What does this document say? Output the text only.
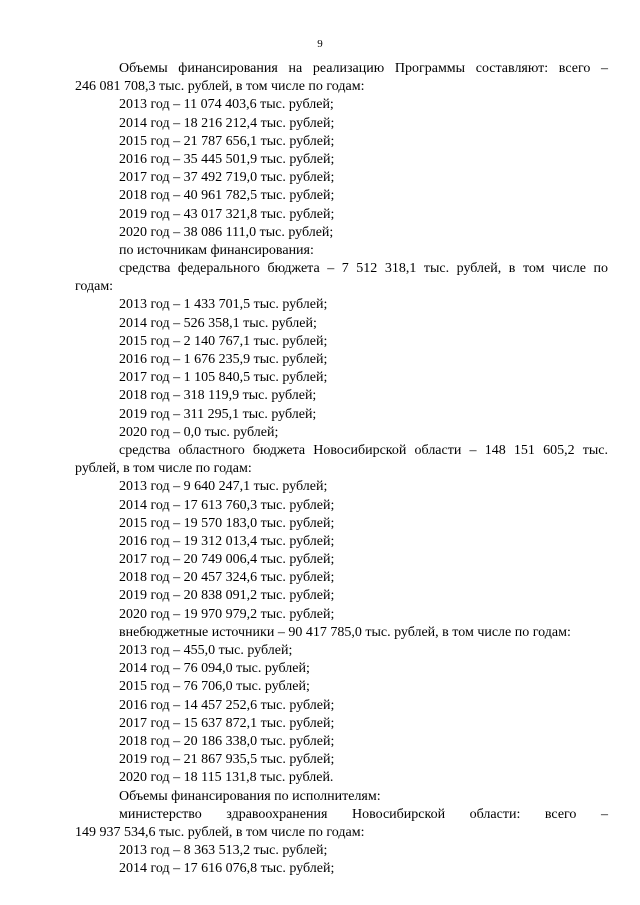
9
Объемы финансирования на реализацию Программы составляют: всего –
246 081 708,3 тыс. рублей, в том числе по годам:
2013 год – 11 074 403,6 тыс. рублей;
2014 год – 18 216 212,4 тыс. рублей;
2015 год – 21 787 656,1 тыс. рублей;
2016 год – 35 445 501,9 тыс. рублей;
2017 год – 37 492 719,0 тыс. рублей;
2018 год – 40 961 782,5 тыс. рублей;
2019 год – 43 017 321,8 тыс. рублей;
2020 год – 38 086 111,0 тыс. рублей;
по источникам финансирования:
средства федерального бюджета – 7 512 318,1 тыс. рублей, в том числе по
годам:
2013 год – 1 433 701,5 тыс. рублей;
2014 год – 526 358,1 тыс. рублей;
2015 год – 2 140 767,1 тыс. рублей;
2016 год – 1 676 235,9 тыс. рублей;
2017 год – 1 105 840,5 тыс. рублей;
2018 год – 318 119,9 тыс. рублей;
2019 год – 311 295,1 тыс. рублей;
2020 год – 0,0 тыс. рублей;
средства областного бюджета Новосибирской области – 148 151 605,2 тыс.
рублей, в том числе по годам:
2013 год – 9 640 247,1 тыс. рублей;
2014 год – 17 613 760,3 тыс. рублей;
2015 год – 19 570 183,0 тыс. рублей;
2016 год – 19 312 013,4 тыс. рублей;
2017 год – 20 749 006,4 тыс. рублей;
2018 год – 20 457 324,6 тыс. рублей;
2019 год – 20 838 091,2 тыс. рублей;
2020 год – 19 970 979,2 тыс. рублей;
внебюджетные источники – 90 417 785,0 тыс. рублей, в том числе по годам:
2013 год – 455,0 тыс. рублей;
2014 год – 76 094,0 тыс. рублей;
2015 год – 76 706,0 тыс. рублей;
2016 год – 14 457 252,6 тыс. рублей;
2017 год – 15 637 872,1 тыс. рублей;
2018 год – 20 186 338,0 тыс. рублей;
2019 год – 21 867 935,5 тыс. рублей;
2020 год – 18 115 131,8 тыс. рублей.
Объемы финансирования по исполнителям:
министерство здравоохранения Новосибирской области: всего –
149 937 534,6 тыс. рублей, в том числе по годам:
2013 год – 8 363 513,2 тыс. рублей;
2014 год – 17 616 076,8 тыс. рублей;
